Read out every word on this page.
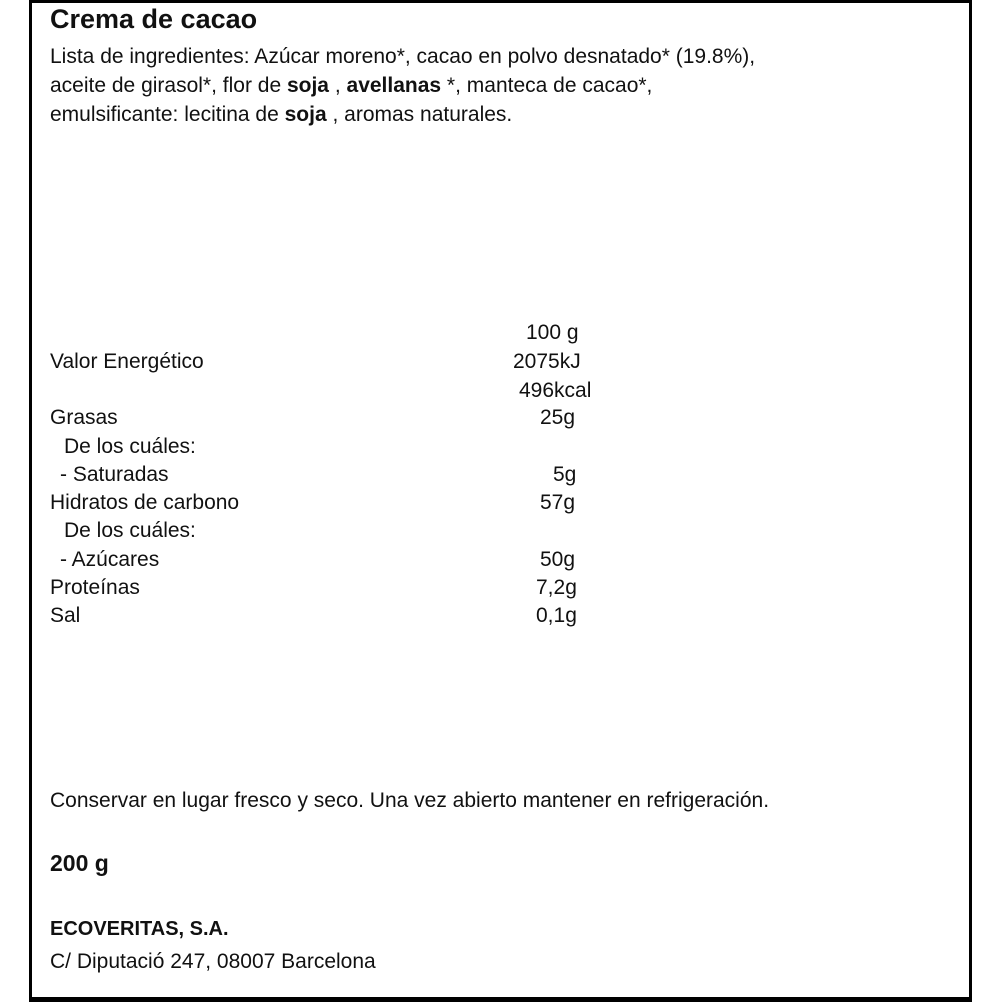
Crema de cacao
Lista de ingredientes: Azúcar moreno*, cacao en polvo desnatado* (19.8%),
aceite de girasol*, flor de soja , avellanas *, manteca de cacao*,
emulsificante: lecitina de soja , aromas naturales.
100 g
Valor Energético	2075kJ
496kcal
Grasas	25g
De los cuáles:
- Saturadas	5g
Hidratos de carbono	57g
De los cuáles:
- Azúcares	50g
Proteínas	7,2g
Sal	0,1g
Conservar en lugar fresco y seco. Una vez abierto mantener en refrigeración.
200 g
ECOVERITAS, S.A.
C/ Diputació 247, 08007 Barcelona
